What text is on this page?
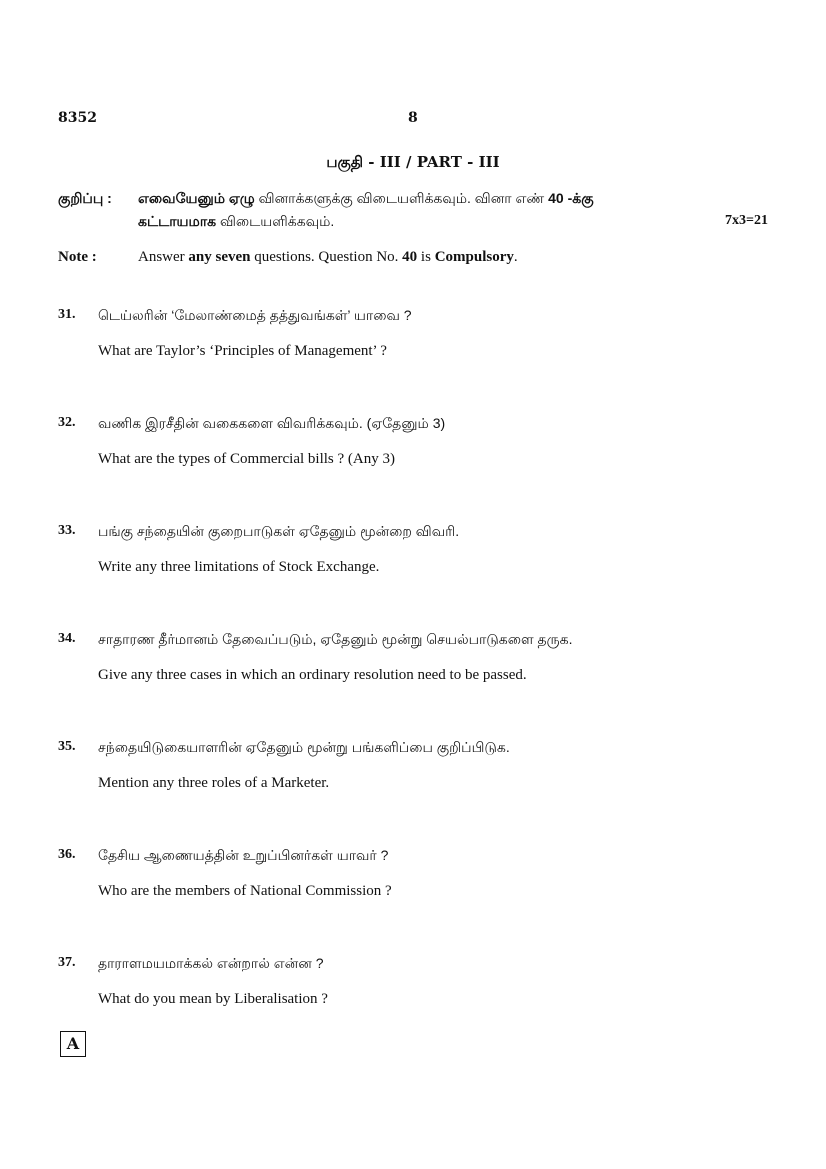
8352	8
பகுதி - III / PART - III
குறிப்பு : எவையேனும் ஏழு வினாக்களுக்கு விடையளிக்கவும். வினா எண் 40 -க்கு
கட்டாயமாக விடையளிக்கவும்.	7x3=21
Note :	Answer any seven questions. Question No. 40 is Compulsory.
31. டெய்லரின் ‘மேலாண்மைத் தத்துவங்கள்’ யாவை ?
What are Taylor’s ‘Principles of Management’ ?
32. வணிக இரசீதின் வகைகளை விவரிக்கவும். (ஏதேனும் 3)
What are the types of Commercial bills ? (Any 3)
33. பங்கு சந்தையின் குறைபாடுகள் ஏதேனும் மூன்றை விவரி.
Write any three limitations of Stock Exchange.
34. சாதாரண தீர்மானம் தேவைப்படும், ஏதேனும் மூன்று செயல்பாடுகளை தருக.
Give any three cases in which an ordinary resolution need to be passed.
35. சந்தையிடுகையாளரின் ஏதேனும் மூன்று பங்களிப்பை குறிப்பிடுக.
Mention any three roles of a Marketer.
36. தேசிய ஆணையத்தின் உறுப்பினர்கள் யாவர் ?
Who are the members of National Commission ?
37. தாராளமயமாக்கல் என்றால் என்ன ?
What do you mean by Liberalisation ?
A
